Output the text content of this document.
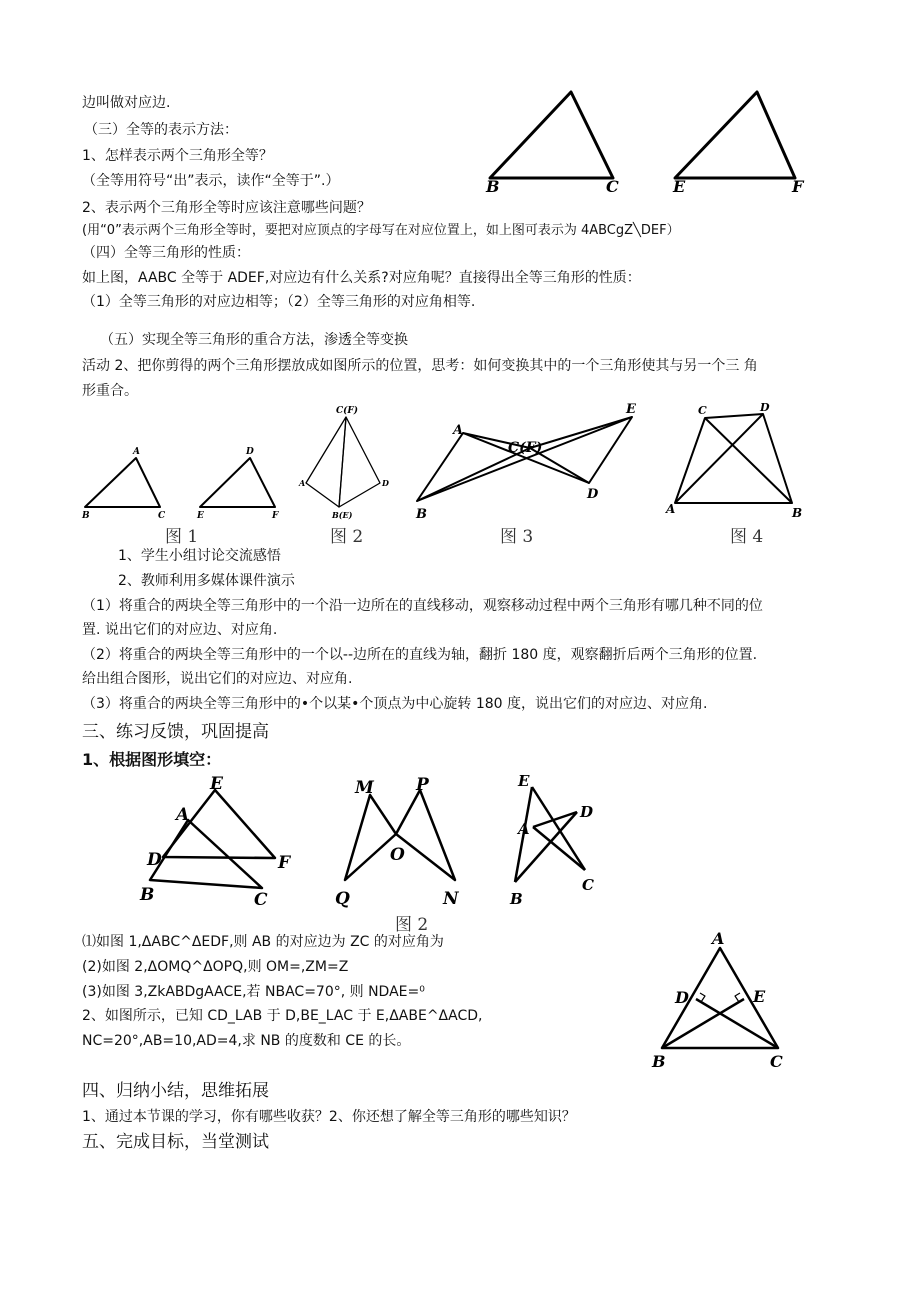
边叫做对应边.
（三）全等的表示方法：
1、怎样表示两个三角形全等？
（全等用符号“出”表示，读作“全等于”.）
2、表示两个三角形全等时应该注意哪些问题？
(用“0”表示两个三角形全等时，要把对应顶点的字母写在对应位置上，如上图可表示为 4ABCgZ╲DEF）
（四）全等三角形的性质：
如上图，AABC 全等于 ADEF,对应边有什么关系?对应角呢？直接得出全等三角形的性质：
（1）全等三角形的对应边相等；（2）全等三角形的对应角相等.
（五）实现全等三角形的重合方法，渗透全等变换
活动 2、把你剪得的两个三角形摆放成如图所示的位置，思考：如何变换其中的一个三角形使其与另一个三 角
形重合。
1、学生小组讨论交流感悟
2、教师利用多媒体课件演示
（1）将重合的两块全等三角形中的一个沿一边所在的直线移动，观察移动过程中两个三角形有哪几种不同的位
置. 说出它们的对应边、对应角.
（2）将重合的两块全等三角形中的一个以--边所在的直线为轴，翻折 180 度，观察翻折后两个三角形的位置.
给出组合图形，说出它们的对应边、对应角.
（3）将重合的两块全等三角形中的•个以某•个顶点为中心旋转 180 度，说出它们的对应边、对应角.
三、练习反馈，巩固提高
1、根据图形填空：
⑴如图 1,ΔABC^ΔEDF,则 AB 的对应边为 ZC 的对应角为
(2)如图 2,ΔOMQ^ΔOPQ,则 OM=,ZM=Z
(3)如图 3,ZkABDgAACE,若 NBAC=70°, 则 NDAE=⁰
2、如图所示，已知 CD_LAB 于 D,BE_LAC 于 E,ΔABE^ΔACD,
NC=20°,AB=10,AD=4,求 NB 的度数和 CE 的长。
四、归纳小结，思维拓展
1、通过本节课的学习，你有哪些收获？2、你还想了解全等三角形的哪些知识？
五、完成目标，当堂测试
B	C	E	F
A
B	C
D
E	F
C(F)
A	D
B(E)
A
C(F)
E
D
B
C	D
A	B
图 1	图 2	图 3	图 4
E
A
D	F
B	C
M P
O
Q	N
E
D
A
C
B
图 2
A
D	E
B	C
